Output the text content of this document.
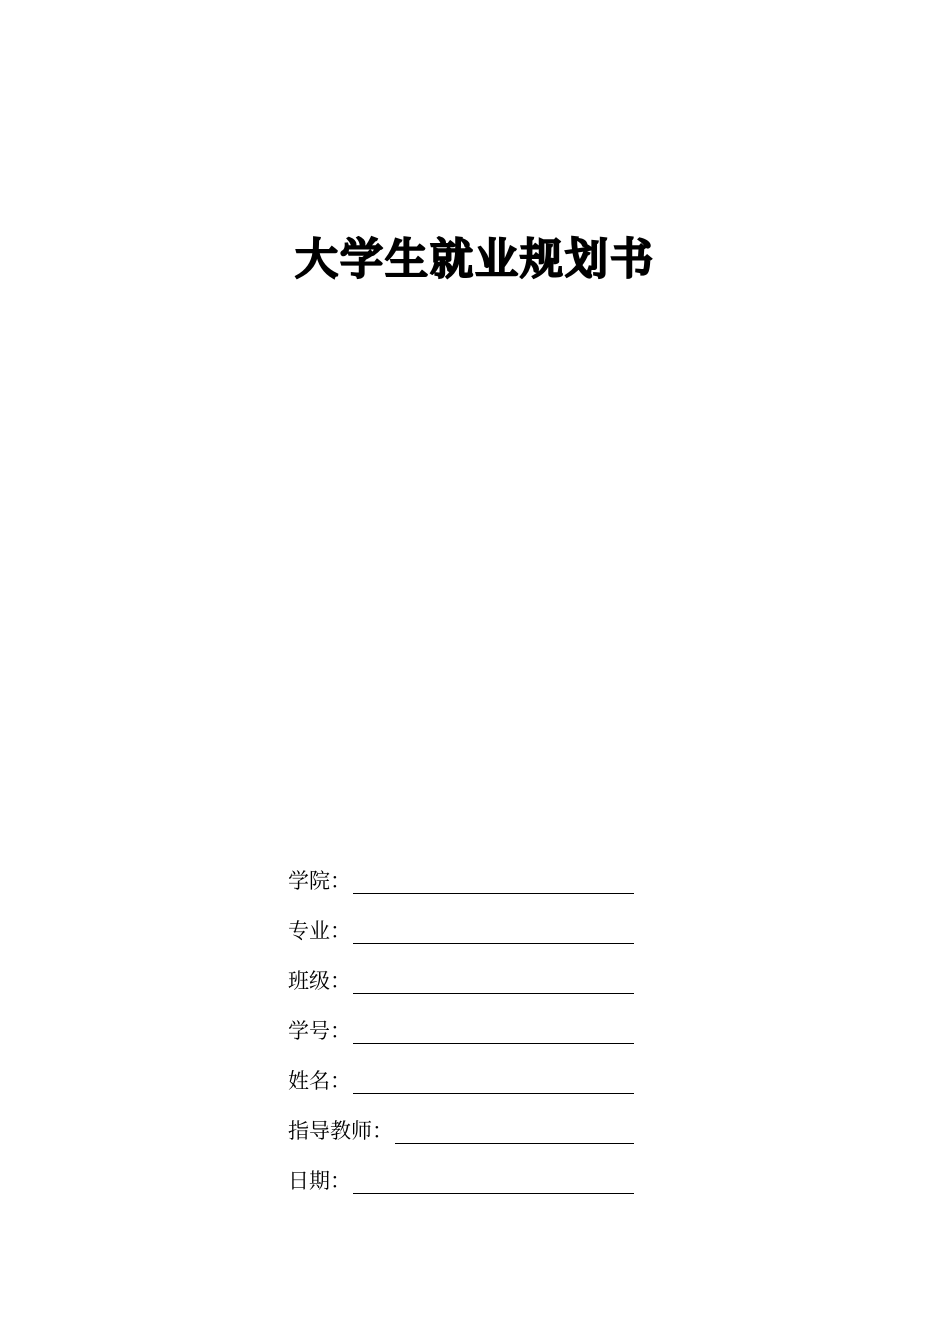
大学生就业规划书
学院：
专业：
班级：
学号：
姓名：
指导教师：
日期：
